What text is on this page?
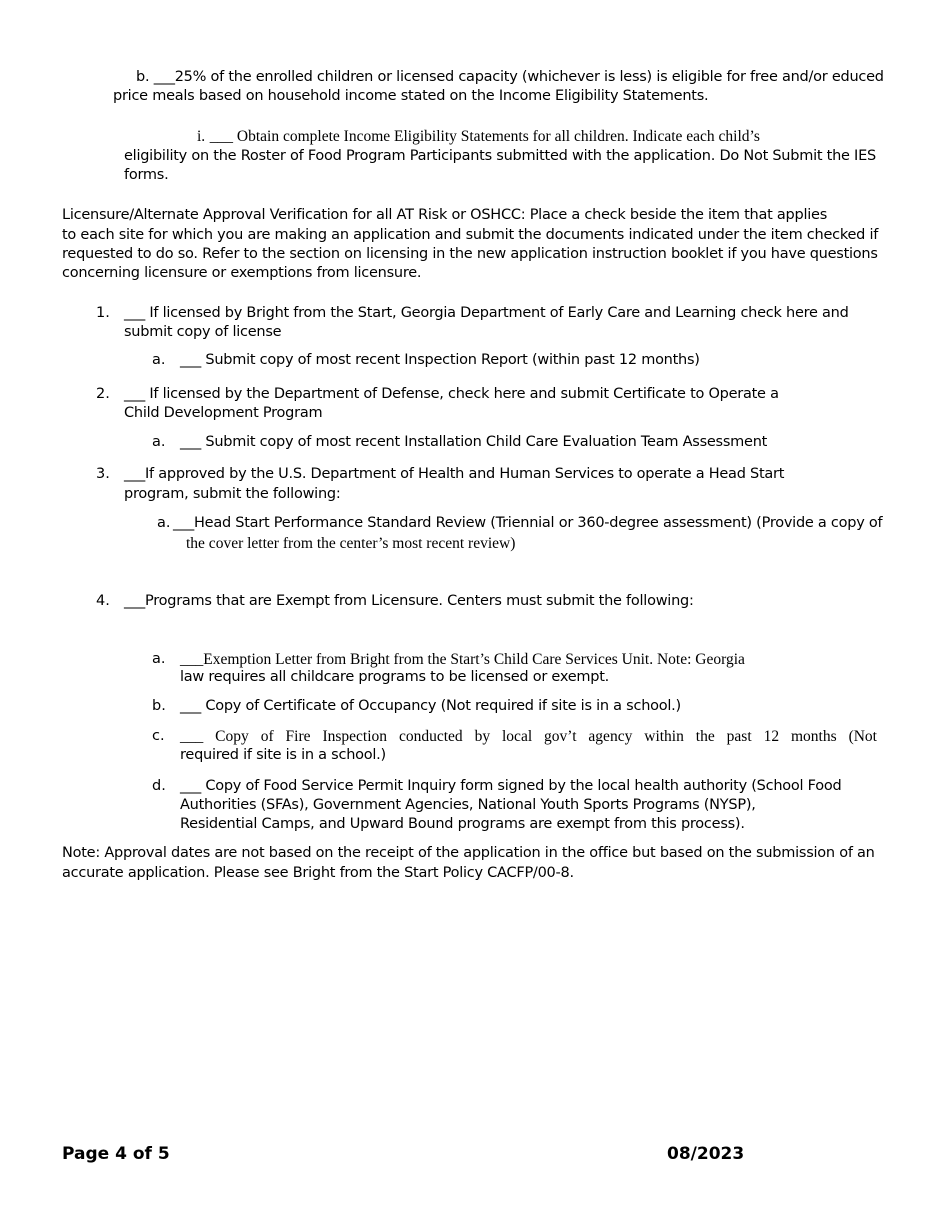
b. ___25% of the enrolled children or licensed capacity (whichever is less) is eligible for free and/or educed
price meals based on household income stated on the Income Eligibility Statements.
i. ___ Obtain complete Income Eligibility Statements for all children. Indicate each child’s
eligibility on the Roster of Food Program Participants submitted with the application. Do Not Submit the IES
forms.
Licensure/Alternate Approval Verification for all AT Risk or OSHCC: Place a check beside the item that applies
to each site for which you are making an application and submit the documents indicated under the item checked if
requested to do so. Refer to the section on licensing in the new application instruction booklet if you have questions
concerning licensure or exemptions from licensure.
1. ___ If licensed by Bright from the Start, Georgia Department of Early Care and Learning check here and
submit copy of license
a. ___ Submit copy of most recent Inspection Report (within past 12 months)
2. ___ If licensed by the Department of Defense, check here and submit Certificate to Operate a
Child Development Program
a. ___ Submit copy of most recent Installation Child Care Evaluation Team Assessment
3. ___If approved by the U.S. Department of Health and Human Services to operate a Head Start
program, submit the following:
a. ___Head Start Performance Standard Review (Triennial or 360-degree assessment) (Provide a copy of
the cover letter from the center’s most recent review)
4. ___Programs that are Exempt from Licensure. Centers must submit the following:
a. ___Exemption Letter from Bright from the Start’s Child Care Services Unit. Note: Georgia
law requires all childcare programs to be licensed or exempt.
b. ___ Copy of Certificate of Occupancy (Not required if site is in a school.)
c. ___ Copy of Fire Inspection conducted by local gov’t agency within the past 12 months (Not
required if site is in a school.)
d. ___ Copy of Food Service Permit Inquiry form signed by the local health authority (School Food
Authorities (SFAs), Government Agencies, National Youth Sports Programs (NYSP),
Residential Camps, and Upward Bound programs are exempt from this process).
Note: Approval dates are not based on the receipt of the application in the office but based on the submission of an
accurate application. Please see Bright from the Start Policy CACFP/00-8.
Page 4 of 5	08/2023
